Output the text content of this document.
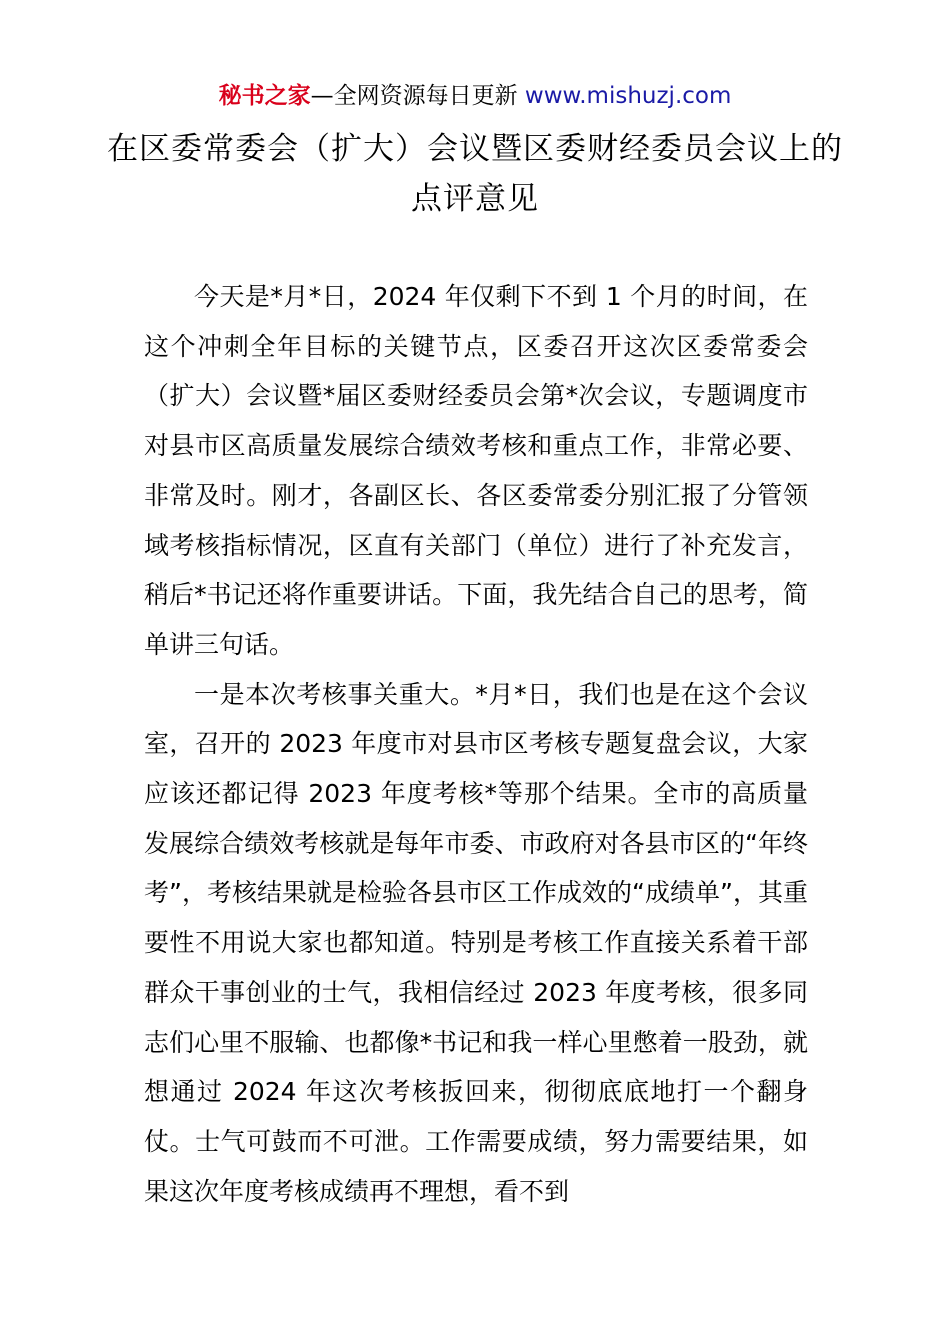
秘书之家—全网资源每日更新 www.mishuzj.com
在区委常委会（扩大）会议暨区委财经委员会议上的点评意见

今天是*月*日，2024 年仅剩下不到 1 个月的时间，在这个冲刺全年目标的关键节点，区委召开这次区委常委会（扩大）会议暨*届区委财经委员会第*次会议，专题调度市对县市区高质量发展综合绩效考核和重点工作，非常必要、非常及时。刚才，各副区长、各区委常委分别汇报了分管领域考核指标情况，区直有关部门（单位）进行了补充发言，稍后*书记还将作重要讲话。下面，我先结合自己的思考，简单讲三句话。

一是本次考核事关重大。*月*日，我们也是在这个会议室，召开的 2023 年度市对县市区考核专题复盘会议，大家应该还都记得 2023 年度考核*等那个结果。全市的高质量发展综合绩效考核就是每年市委、市政府对各县市区的“年终考”，考核结果就是检验各县市区工作成效的“成绩单”，其重要性不用说大家也都知道。特别是考核工作直接关系着干部群众干事创业的士气，我相信经过 2023 年度考核，很多同志们心里不服输、也都像*书记和我一样心里憋着一股劲，就想通过 2024 年这次考核扳回来，彻彻底底地打一个翻身仗。士气可鼓而不可泄。工作需要成绩，努力需要结果，如果这次年度考核成绩再不理想，看不到
